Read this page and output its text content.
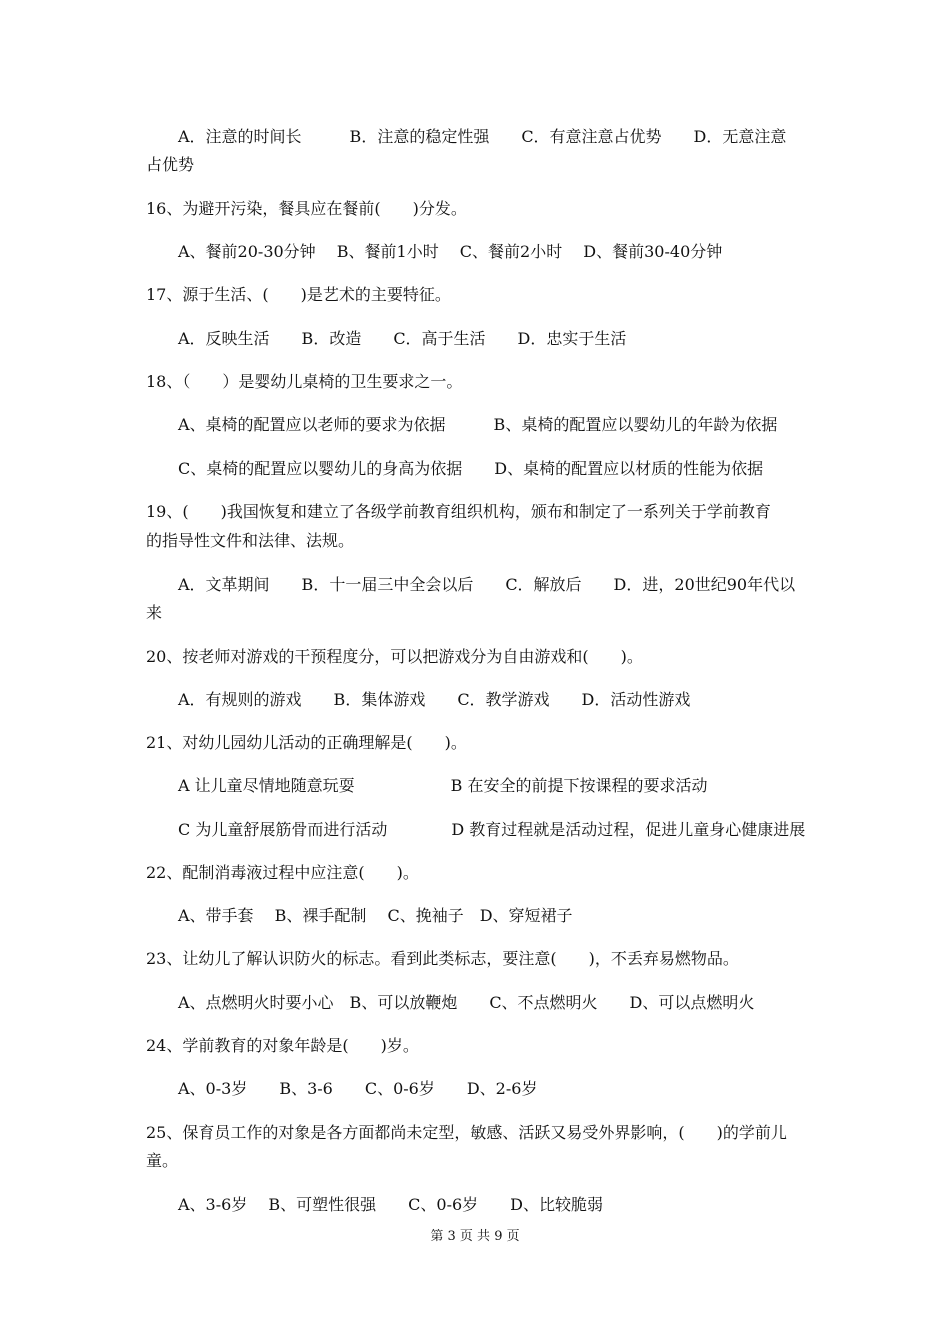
A．注意的时间长　　　B．注意的稳定性强　　C．有意注意占优势　　D．无意注意
占优势
16、为避开污染，餐具应在餐前(　　)分发。
A、餐前20-30分钟　 B、餐前1小时　 C、餐前2小时　 D、餐前30-40分钟
17、源于生活、(　　)是艺术的主要特征。
A．反映生活　　B．改造　　C．高于生活　　D．忠实于生活
18、（　　）是婴幼儿桌椅的卫生要求之一。
A、桌椅的配置应以老师的要求为依据　　　B、桌椅的配置应以婴幼儿的年龄为依据
C、桌椅的配置应以婴幼儿的身高为依据　　D、桌椅的配置应以材质的性能为依据
19、(　　)我国恢复和建立了各级学前教育组织机构，颁布和制定了一系列关于学前教育
的指导性文件和法律、法规。
A．文革期间　　B．十一届三中全会以后　　C．解放后　　D．进，20世纪90年代以
来
20、按老师对游戏的干预程度分，可以把游戏分为自由游戏和(　　)。
A．有规则的游戏　　B．集体游戏　　C．教学游戏　　D．活动性游戏
21、对幼儿园幼儿活动的正确理解是(　　)。
A 让儿童尽情地随意玩耍　　　　　　B 在安全的前提下按课程的要求活动
C 为儿童舒展筋骨而进行活动　　　　D 教育过程就是活动过程，促进儿童身心健康进展
22、配制消毒液过程中应注意(　　)。
A、带手套　 B、裸手配制　 C、挽袖子　D、穿短裙子
23、让幼儿了解认识防火的标志。看到此类标志，要注意(　　)，不丢弃易燃物品。
A、点燃明火时要小心　B、可以放鞭炮　　C、不点燃明火　　D、可以点燃明火
24、学前教育的对象年龄是(　　)岁。
A、0-3岁　　B、3-6　　C、0-6岁　　D、2-6岁
25、保育员工作的对象是各方面都尚未定型，敏感、活跃又易受外界影响，(　　)的学前儿
童。
A、3-6岁　 B、可塑性很强　　C、0-6岁　　D、比较脆弱
第 3 页 共 9 页
